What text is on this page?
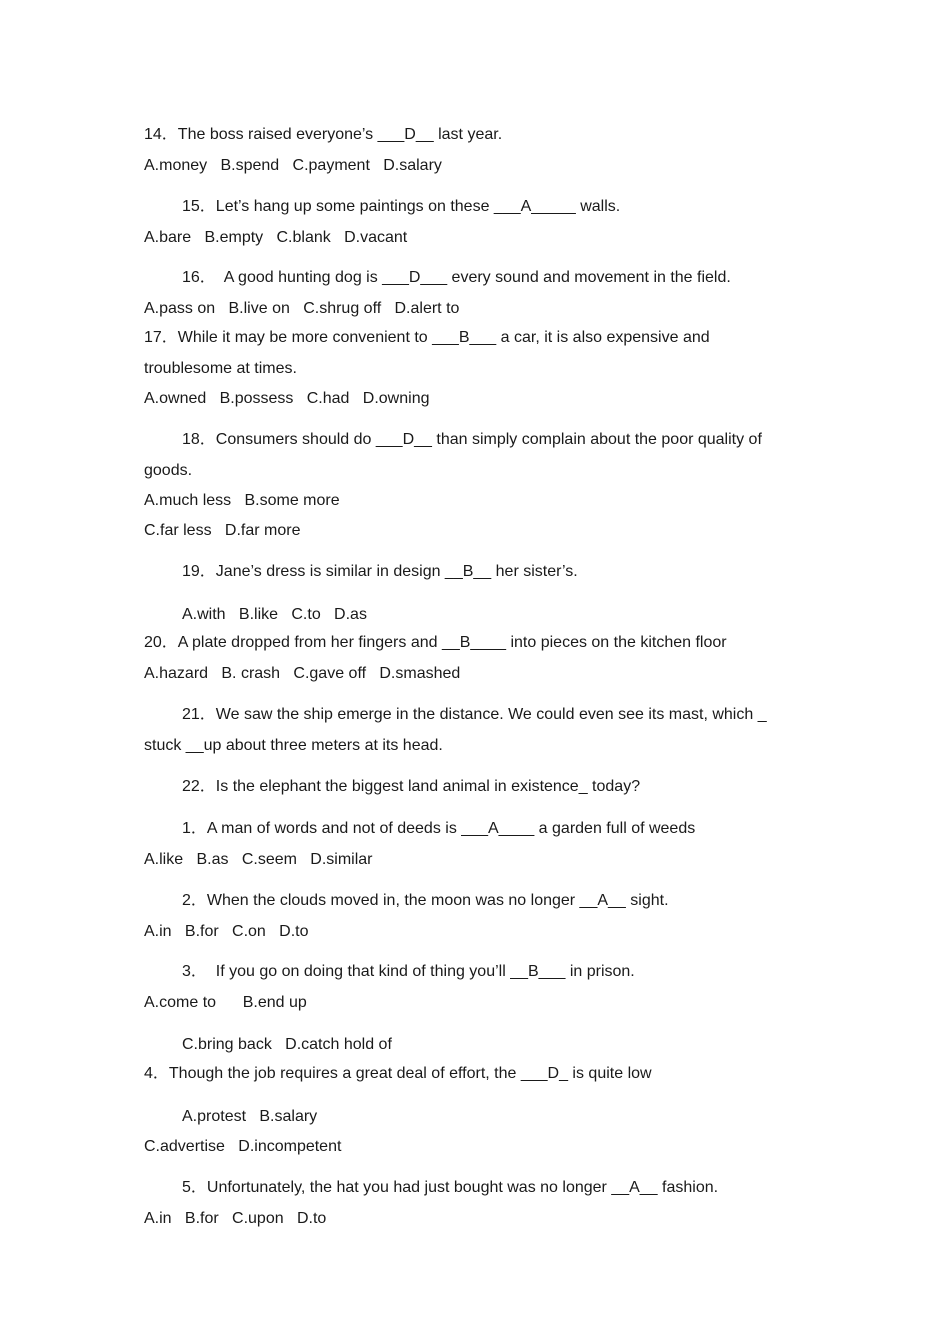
14．The boss raised everyone’s ___D__ last year.
A.money   B.spend   C.payment   D.salary
15．Let’s hang up some paintings on these ___A_____ walls.
A.bare   B.empty   C.blank   D.vacant
16．  A good hunting dog is ___D___ every sound and movement in the field.
A.pass on   B.live on   C.shrug off   D.alert to
17．While it may be more convenient to ___B___ a car, it is also expensive and
troublesome at times.
A.owned   B.possess   C.had   D.owning
18．Consumers should do ___D__ than simply complain about the poor quality of
goods.
A.much less   B.some more
C.far less   D.far more
19．Jane’s dress is similar in design __B__ her sister’s.
A.with   B.like   C.to   D.as
20．A plate dropped from her fingers and __B____ into pieces on the kitchen floor
A.hazard   B. crash   C.gave off   D.smashed
21．We saw the ship emerge in the distance. We could even see its mast, which _
stuck __up about three meters at its head.
22．Is the elephant the biggest land animal in existence_ today?
1．A man of words and not of deeds is ___A____ a garden full of weeds
A.like   B.as   C.seem   D.similar
2．When the clouds moved in, the moon was no longer __A__ sight.
A.in   B.for   C.on   D.to
3．  If you go on doing that kind of thing you’ll __B___ in prison.
A.come to      B.end up
C.bring back   D.catch hold of
4．Though the job requires a great deal of effort, the ___D_ is quite low
A.protest   B.salary
C.advertise   D.incompetent
5．Unfortunately, the hat you had just bought was no longer __A__ fashion.
A.in   B.for   C.upon   D.to
